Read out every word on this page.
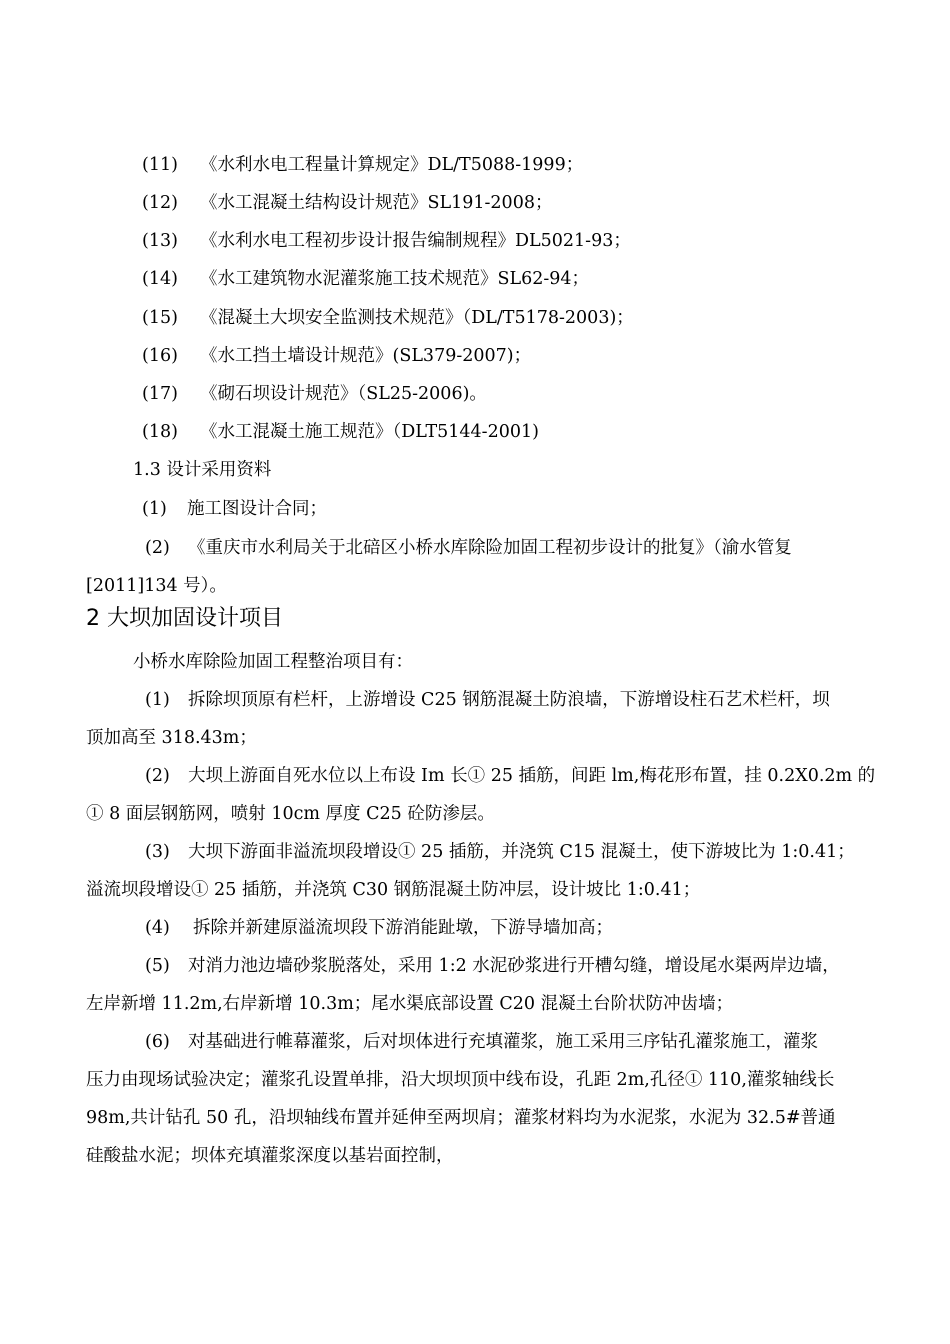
(11) 《水利水电工程量计算规定》DL/T5088-1999；
(12) 《水工混凝土结构设计规范》SL191-2008；
(13) 《水利水电工程初步设计报告编制规程》DL5021-93；
(14) 《水工建筑物水泥灌浆施工技术规范》SL62-94；
(15) 《混凝土大坝安全监测技术规范》（DL/T5178-2003)；
(16) 《水工挡土墙设计规范》(SL379-2007)；
(17) 《砌石坝设计规范》（SL25-2006)。
(18) 《水工混凝土施工规范》（DLT5144-2001)
1.3 设计采用资料
(1) 施工图设计合同；
(2) 《重庆市水利局关于北碚区小桥水库除险加固工程初步设计的批复》（渝水管复
[2011]134 号）。
2 大坝加固设计项目
小桥水库除险加固工程整治项目有：
(1) 拆除坝顶原有栏杆，上游增设 C25 钢筋混凝土防浪墙，下游增设柱石艺术栏杆，坝
顶加高至 318.43m；
(2) 大坝上游面自死水位以上布设 Im 长① 25 插筋，间距 lm,梅花形布置，挂 0.2X0.2m 的
① 8 面层钢筋网，喷射 10cm 厚度 C25 砼防渗层。
(3) 大坝下游面非溢流坝段增设① 25 插筋，并浇筑 C15 混凝土，使下游坡比为 1:0.41；
溢流坝段增设① 25 插筋，并浇筑 C30 钢筋混凝土防冲层，设计坡比 1:0.41；
(4) 拆除并新建原溢流坝段下游消能趾墩，下游导墙加高；
(5) 对消力池边墙砂浆脱落处，采用 1:2 水泥砂浆进行开槽勾缝，增设尾水渠两岸边墙，
左岸新增 11.2m,右岸新增 10.3m；尾水渠底部设置 C20 混凝土台阶状防冲齿墙；
(6) 对基础进行帷幕灌浆，后对坝体进行充填灌浆，施工采用三序钻孔灌浆施工，灌浆
压力由现场试验决定；灌浆孔设置单排，沿大坝坝顶中线布设，孔距 2m,孔径① 110,灌浆轴线长
98m,共计钻孔 50 孔，沿坝轴线布置并延伸至两坝肩；灌浆材料均为水泥浆，水泥为 32.5#普通
硅酸盐水泥；坝体充填灌浆深度以基岩面控制，
